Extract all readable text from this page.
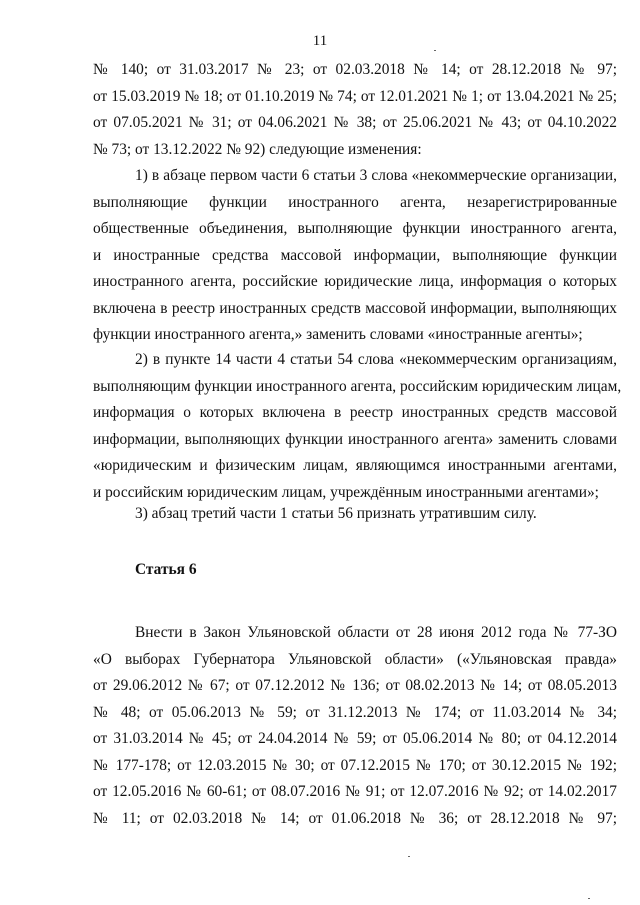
11

№ 140; от 31.03.2017 № 23; от 02.03.2018 № 14; от 28.12.2018 № 97;
от 15.03.2019 № 18; от 01.10.2019 № 74; от 12.01.2021 № 1; от 13.04.2021 № 25;
от 07.05.2021 № 31; от 04.06.2021 № 38; от 25.06.2021 № 43; от 04.10.2022
№ 73; от 13.12.2022 № 92) следующие изменения:

1) в абзаце первом части 6 статьи 3 слова «некоммерческие организации,
выполняющие функции иностранного агента, незарегистрированные
общественные объединения, выполняющие функции иностранного агента,
и иностранные средства массовой информации, выполняющие функции
иностранного агента, российские юридические лица, информация о которых
включена в реестр иностранных средств массовой информации, выполняющих
функции иностранного агента,» заменить словами «иностранные агенты»;

2) в пункте 14 части 4 статьи 54 слова «некоммерческим организациям,
выполняющим функции иностранного агента, российским юридическим лицам,
информация о которых включена в реестр иностранных средств массовой
информации, выполняющих функции иностранного агента» заменить словами
«юридическим и физическим лицам, являющимся иностранными агентами,
и российским юридическим лицам, учреждённым иностранными агентами»;

3) абзац третий части 1 статьи 56 признать утратившим силу.

Статья 6

Внести в Закон Ульяновской области от 28 июня 2012 года № 77-ЗО
«О выборах Губернатора Ульяновской области» («Ульяновская правда»
от 29.06.2012 № 67; от 07.12.2012 № 136; от 08.02.2013 № 14; от 08.05.2013
№ 48; от 05.06.2013 № 59; от 31.12.2013 № 174; от 11.03.2014 № 34;
от 31.03.2014 № 45; от 24.04.2014 № 59; от 05.06.2014 № 80; от 04.12.2014
№ 177-178; от 12.03.2015 № 30; от 07.12.2015 № 170; от 30.12.2015 № 192;
от 12.05.2016 № 60-61; от 08.07.2016 № 91; от 12.07.2016 № 92; от 14.02.2017
№ 11; от 02.03.2018 № 14; от 01.06.2018 № 36; от 28.12.2018 № 97;
